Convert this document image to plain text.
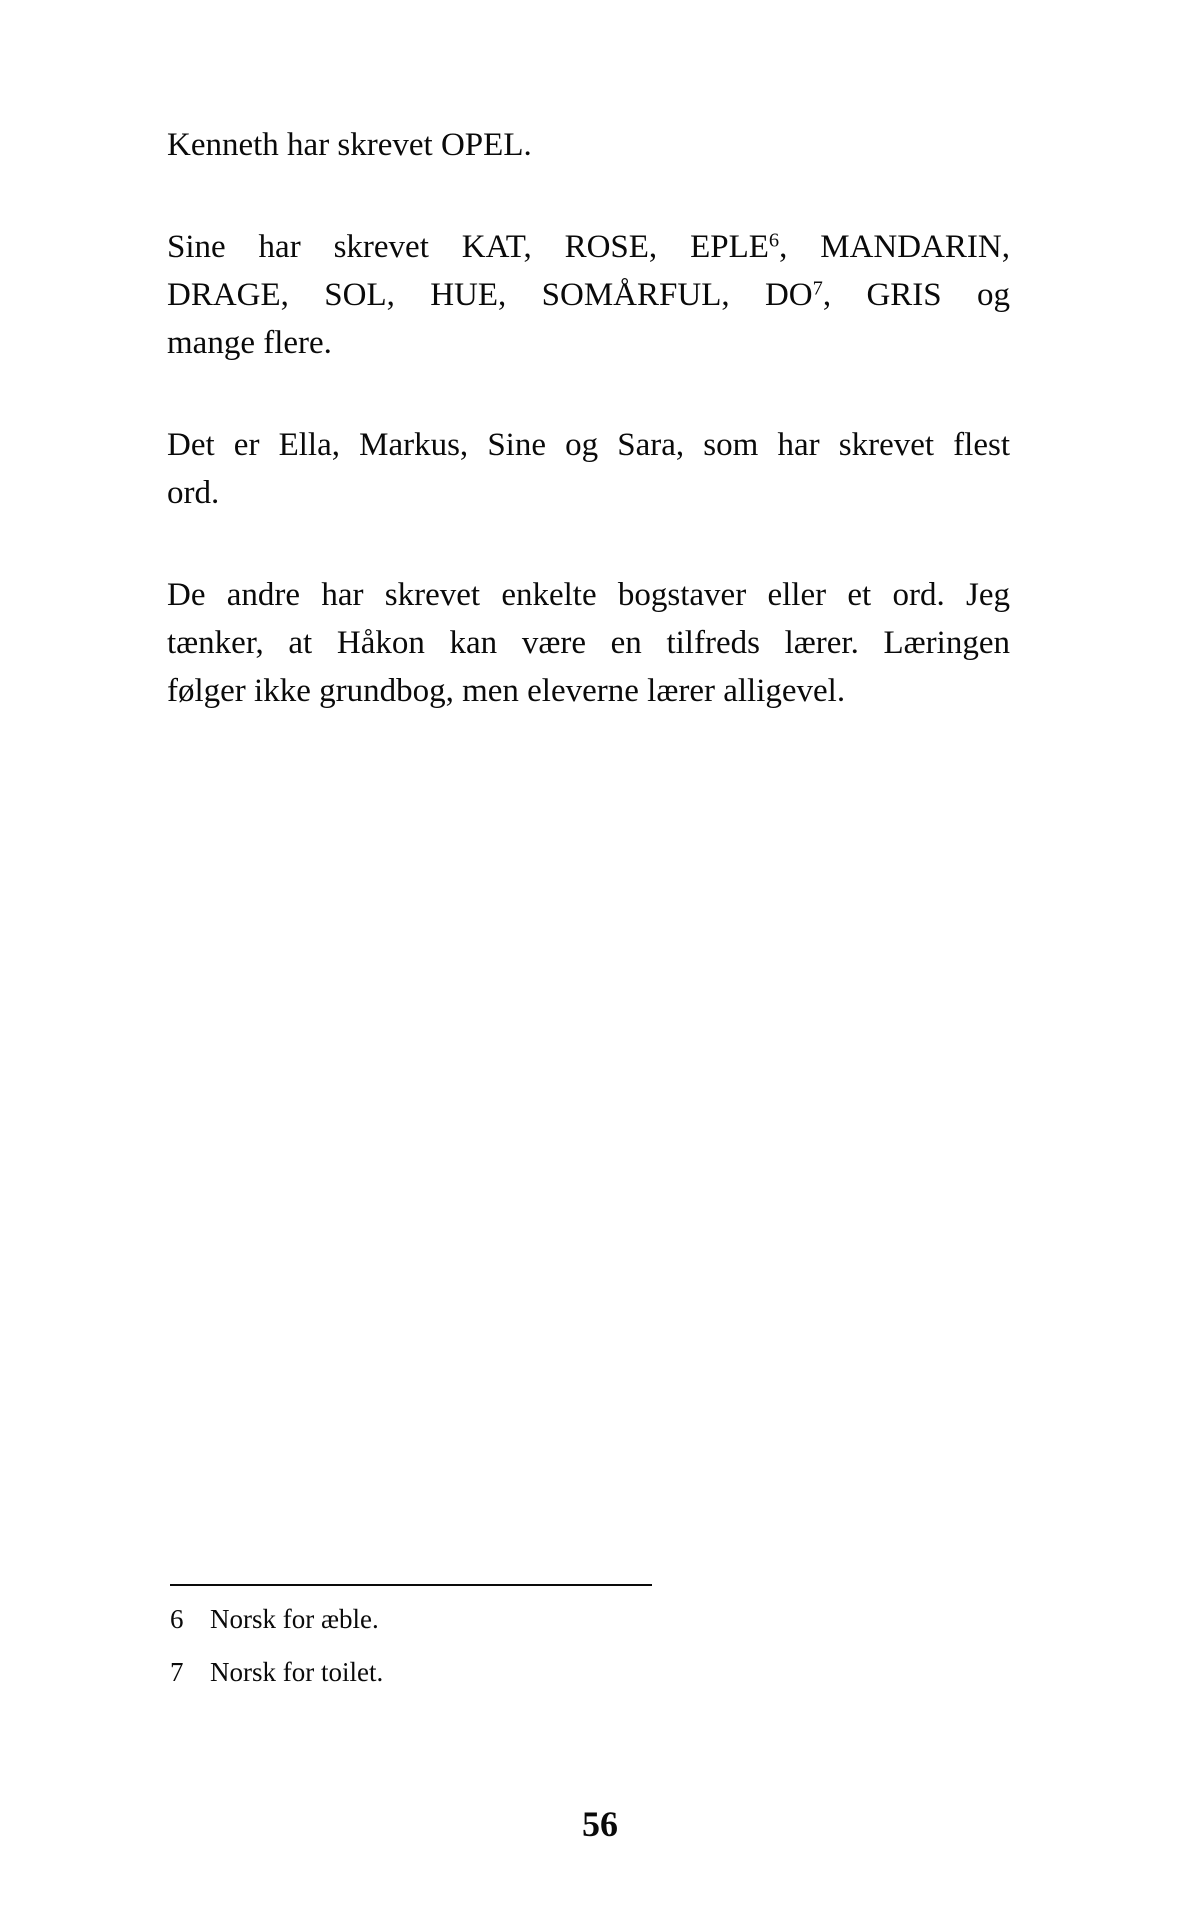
Kenneth har skrevet OPEL.
Sine har skrevet KAT, ROSE, EPLE$^6$, MANDARIN,
DRAGE, SOL, HUE, SOMÅRFUL, DO$^7$, GRIS og
mange flere.
Det er Ella, Markus, Sine og Sara, som har skrevet flest
ord.
De andre har skrevet enkelte bogstaver eller et ord. Jeg
tænker, at Håkon kan være en tilfreds lærer. Læringen
følger ikke grundbog, men eleverne lærer alligevel.
6 Norsk for æble.
7 Norsk for toilet.
56
